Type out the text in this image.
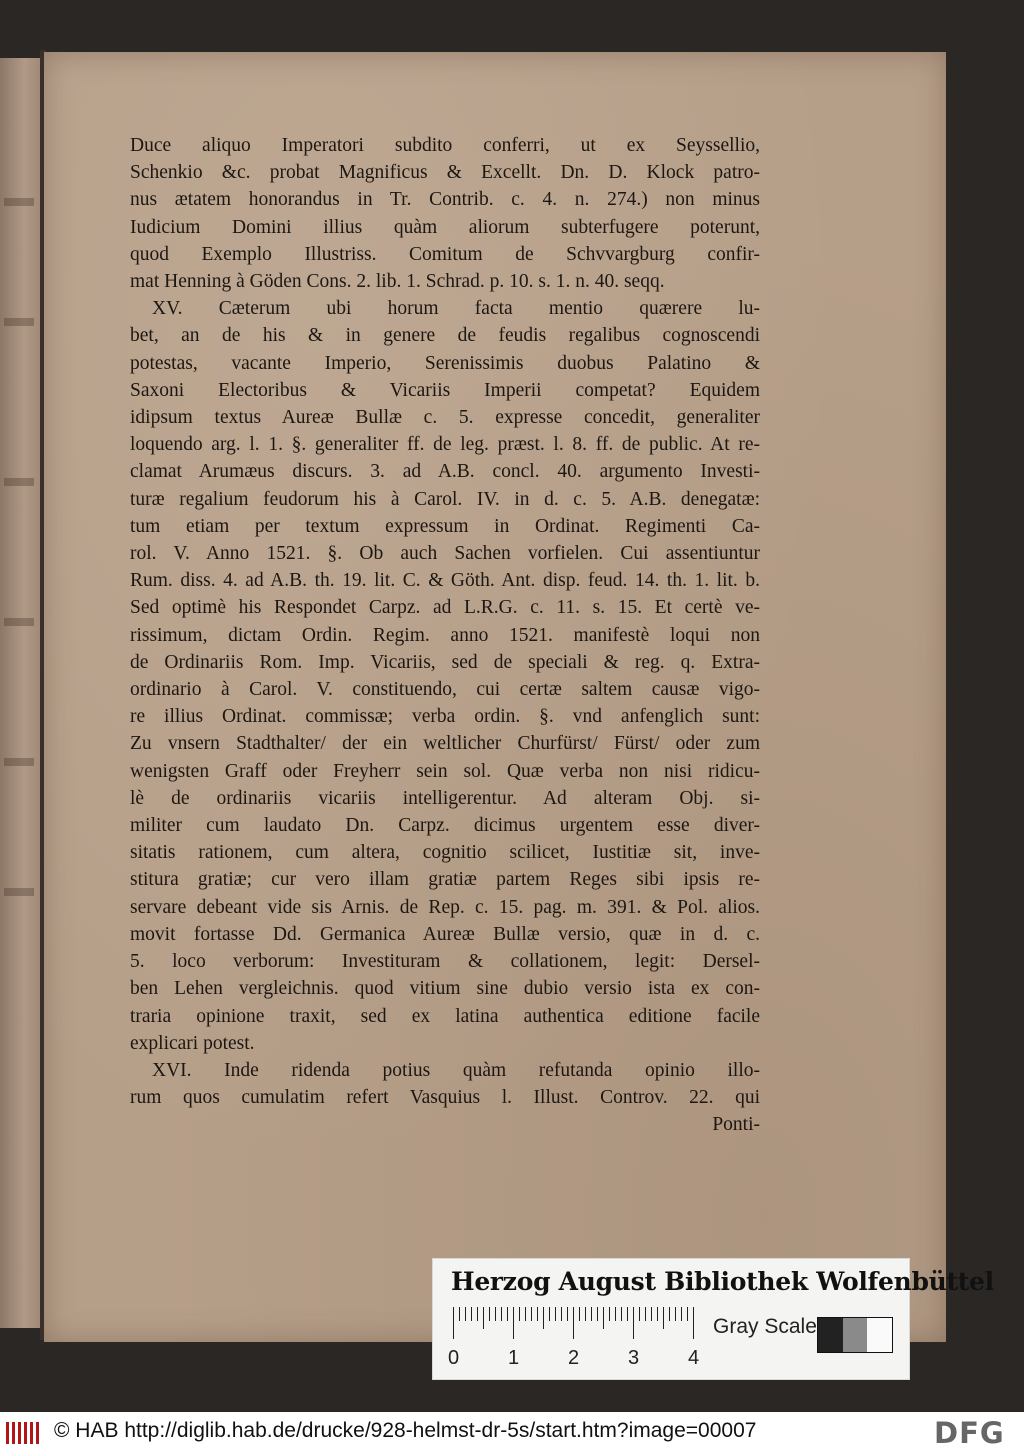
Duce aliquo Imperatori subdito conferri, ut ex Seyssellio,
Schenkio &c. probat Magnificus & Excellt. Dn. D. Klock patro-
nus ætatem honorandus in Tr. Contrib. c. 4. n. 274.) non minus
Iudicium Domini illius quàm aliorum subterfugere poterunt,
quod Exemplo Illustriss. Comitum de Schvvargburg confir-
mat Henning à Göden Cons. 2. lib. 1. Schrad. p. 10. s. 1. n. 40. seqq.
XV. Cæterum ubi horum facta mentio quærere lu-
bet, an de his & in genere de feudis regalibus cognoscendi
potestas, vacante Imperio, Serenissimis duobus Palatino &
Saxoni Electoribus & Vicariis Imperii competat? Equidem
idipsum textus Aureæ Bullæ c. 5. expresse concedit, generaliter
loquendo arg. l. 1. §. generaliter ff. de leg. præst. l. 8. ff. de public. At re-
clamat Arumæus discurs. 3. ad A.B. concl. 40. argumento Investi-
turæ regalium feudorum his à Carol. IV. in d. c. 5. A.B. denegatæ:
tum etiam per textum expressum in Ordinat. Regimenti Ca-
rol. V. Anno 1521. §. Ob auch Sachen vorfielen. Cui assentiuntur
Rum. diss. 4. ad A.B. th. 19. lit. C. & Göth. Ant. disp. feud. 14. th. 1. lit. b.
Sed optimè his Respondet Carpz. ad L.R.G. c. 11. s. 15. Et certè ve-
rissimum, dictam Ordin. Regim. anno 1521. manifestè loqui non
de Ordinariis Rom. Imp. Vicariis, sed de speciali & reg. q. Extra-
ordinario à Carol. V. constituendo, cui certæ saltem causæ vigo-
re illius Ordinat. commissæ; verba ordin. §. vnd anfenglich sunt:
Zu vnsern Stadthalter/ der ein weltlicher Churfürst/ Fürst/ oder zum
wenigsten Graff oder Freyherr sein sol. Quæ verba non nisi ridicu-
lè de ordinariis vicariis intelligerentur. Ad alteram Obj. si-
militer cum laudato Dn. Carpz. dicimus urgentem esse diver-
sitatis rationem, cum altera, cognitio scilicet, Iustitiæ sit, inve-
stitura gratiæ; cur vero illam gratiæ partem Reges sibi ipsis re-
servare debeant vide sis Arnis. de Rep. c. 15. pag. m. 391. & Pol. alios.
movit fortasse Dd. Germanica Aureæ Bullæ versio, quæ in d. c.
5. loco verborum: Investituram & collationem, legit: Dersel-
ben Lehen vergleichnis. quod vitium sine dubio versio ista ex con-
traria opinione traxit, sed ex latina authentica editione facile
explicari potest.
XVI. Inde ridenda potius quàm refutanda opinio illo-
rum quos cumulatim refert Vasquius l. Illust. Controv. 22. qui
Ponti-
Herzog August Bibliothek Wolfenbüttel
0 1 2 3 4
Gray Scale
© HAB http://diglib.hab.de/drucke/928-helmst-dr-5s/start.htm?image=00007	DFG
